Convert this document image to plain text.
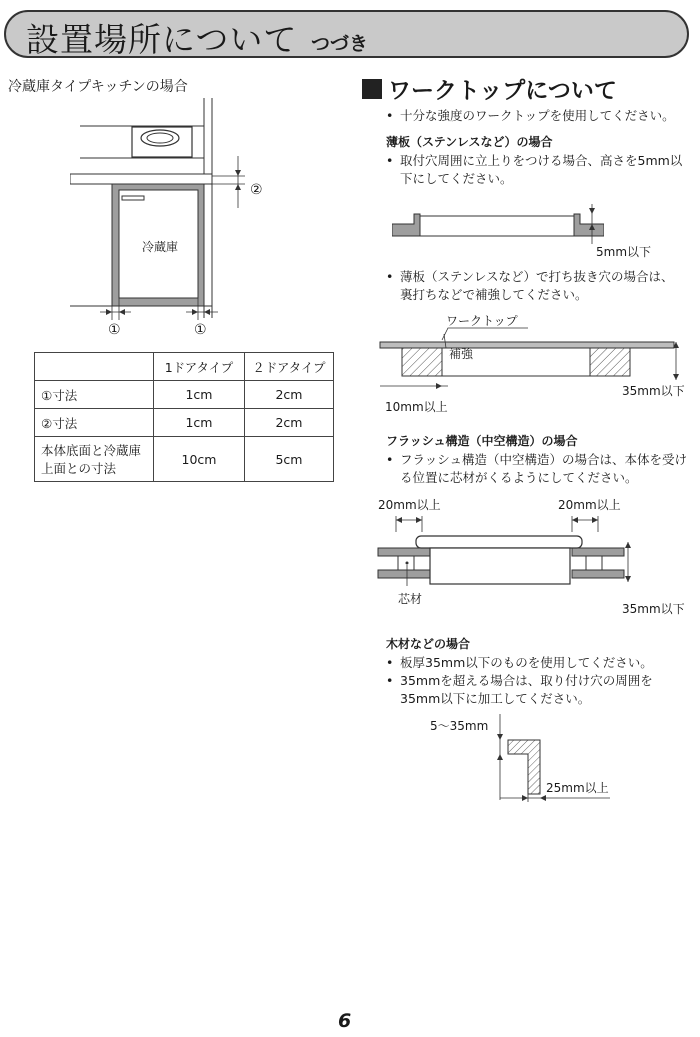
設置場所について つづき
冷蔵庫タイプキッチンの場合
冷蔵庫
②
①	①
	1ドアタイプ	２ドアタイプ
①寸法	1cm	2cm
②寸法	1cm	2cm
本体底面と冷蔵庫
上面との寸法	10cm	5cm
ワークトップについて
• 十分な強度のワークトップを使用してください。
薄板（ステンレスなど）の場合
• 取付穴周囲に立上りをつける場合、高さを5mm以
下にしてください。
5mm以下
• 薄板（ステンレスなど）で打ち抜き穴の場合は、
裏打ちなどで補強してください。
ワークトップ
補強
10mm以上
35mm以下
フラッシュ構造（中空構造）の場合
• フラッシュ構造（中空構造）の場合は、本体を受け
る位置に芯材がくるようにしてください。
20mm以上	20mm以上
芯材
35mm以下
木材などの場合
• 板厚35mm以下のものを使用してください。
• 35mmを超える場合は、取り付け穴の周囲を
35mm以下に加工してください。
5〜35mm
25mm以上
6
